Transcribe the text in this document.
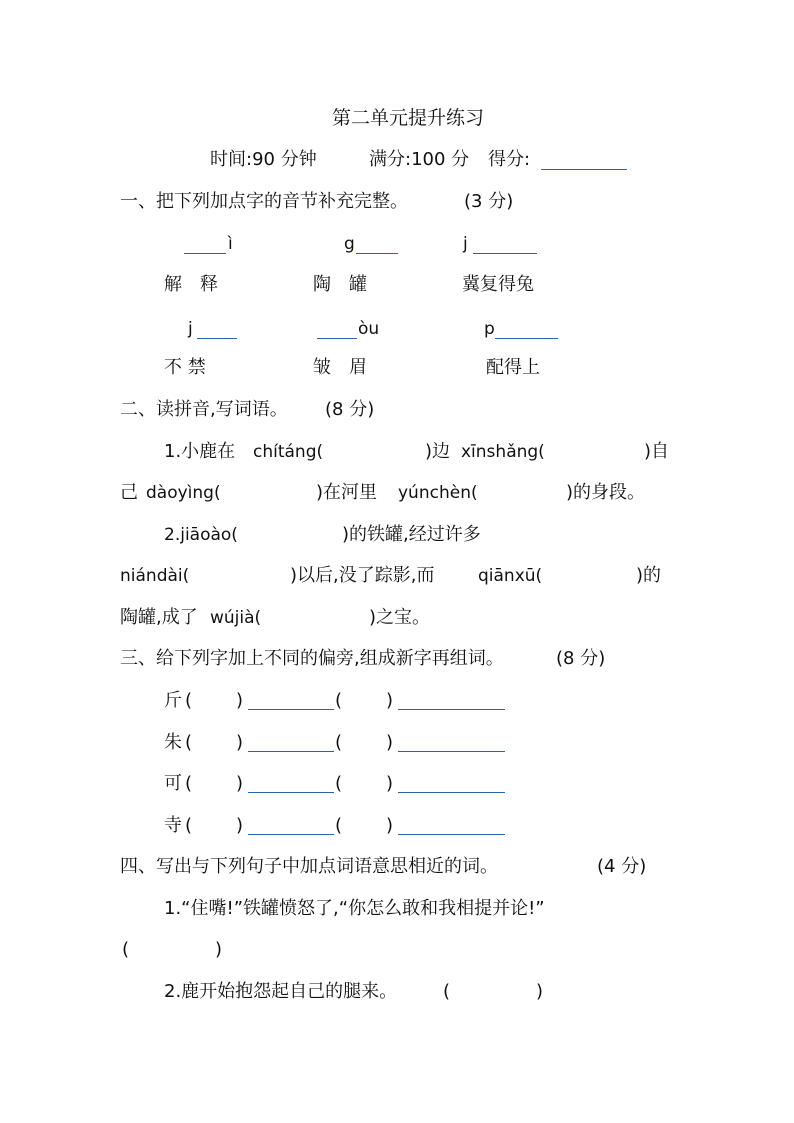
第二单元提升练习
时间:90 分钟	满分:100 分 得分:
一、把下列加点字的音节补充完整。	(3 分)
ì	g	j
解　释	陶　罐	冀复得兔
j	òu	p
不 禁	皱　眉	配得上
二、读拼音,写词语。 (8 分)
1.小鹿在 chítáng(	)边 xīnshǎng(	)自
己 dàoyìng(	)在河里 yúnchèn(	)的身段。
2.jiāoào(	)的铁罐,经过许多
niándài(	)以后,没了踪影,而	qiānxū(	)的
陶罐,成了 wújià(	)之宝。
三、给下列字加上不同的偏旁,组成新字再组词。	(8 分)
斤 ( )	( )
朱 ( )	( )
可 ( )	( )
寺 ( )	( )
四、写出与下列句子中加点词语意思相近的词。	(4 分)
1.“住嘴!”铁罐愤怒了,“你怎么敢和我相提并论!”
(	)
2.鹿开始抱怨起自己的腿来。	(	)
